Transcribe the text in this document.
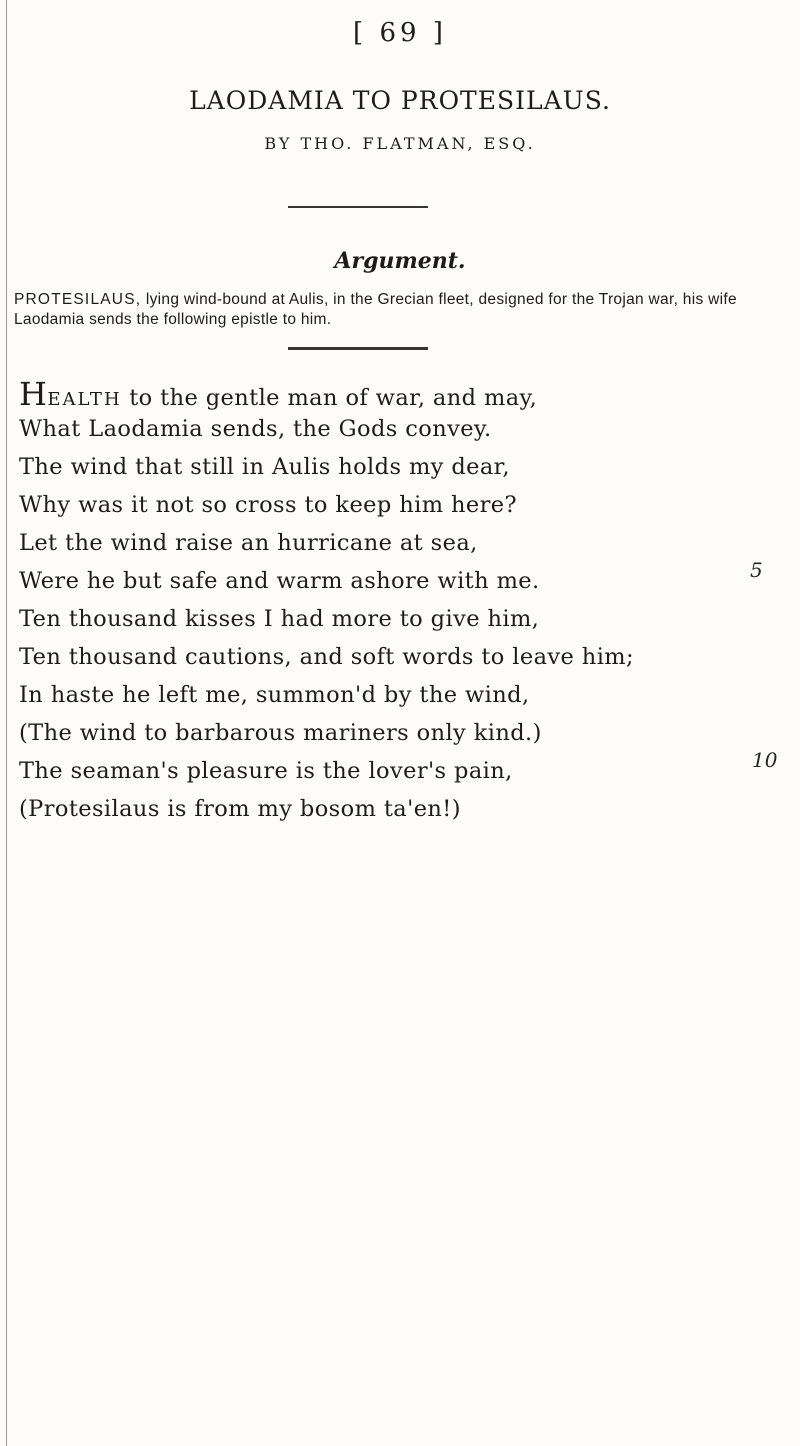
[ 69 ]
LAODAMIA TO PROTESILAUS.
BY THO. FLATMAN, ESQ.
Argument.
PROTESILAUS, lying wind-bound at Aulis, in the Grecian fleet, designed for the Trojan war, his wife Laodamia sends the following epistle to him.
HEALTH to the gentle man of war, and may,
What Laodamia sends, the Gods convey.
The wind that still in Aulis holds my dear,
Why was it not so cross to keep him here?
Let the wind raise an hurricane at sea,
Were he but safe and warm ashore with me.
Ten thousand kisses I had more to give him,
Ten thousand cautions, and soft words to leave him;
In haste he left me, summon'd by the wind,
(The wind to barbarous mariners only kind.)
The seaman's pleasure is the lover's pain,
(Protesilaus is from my bosom ta'en!)
5
10
